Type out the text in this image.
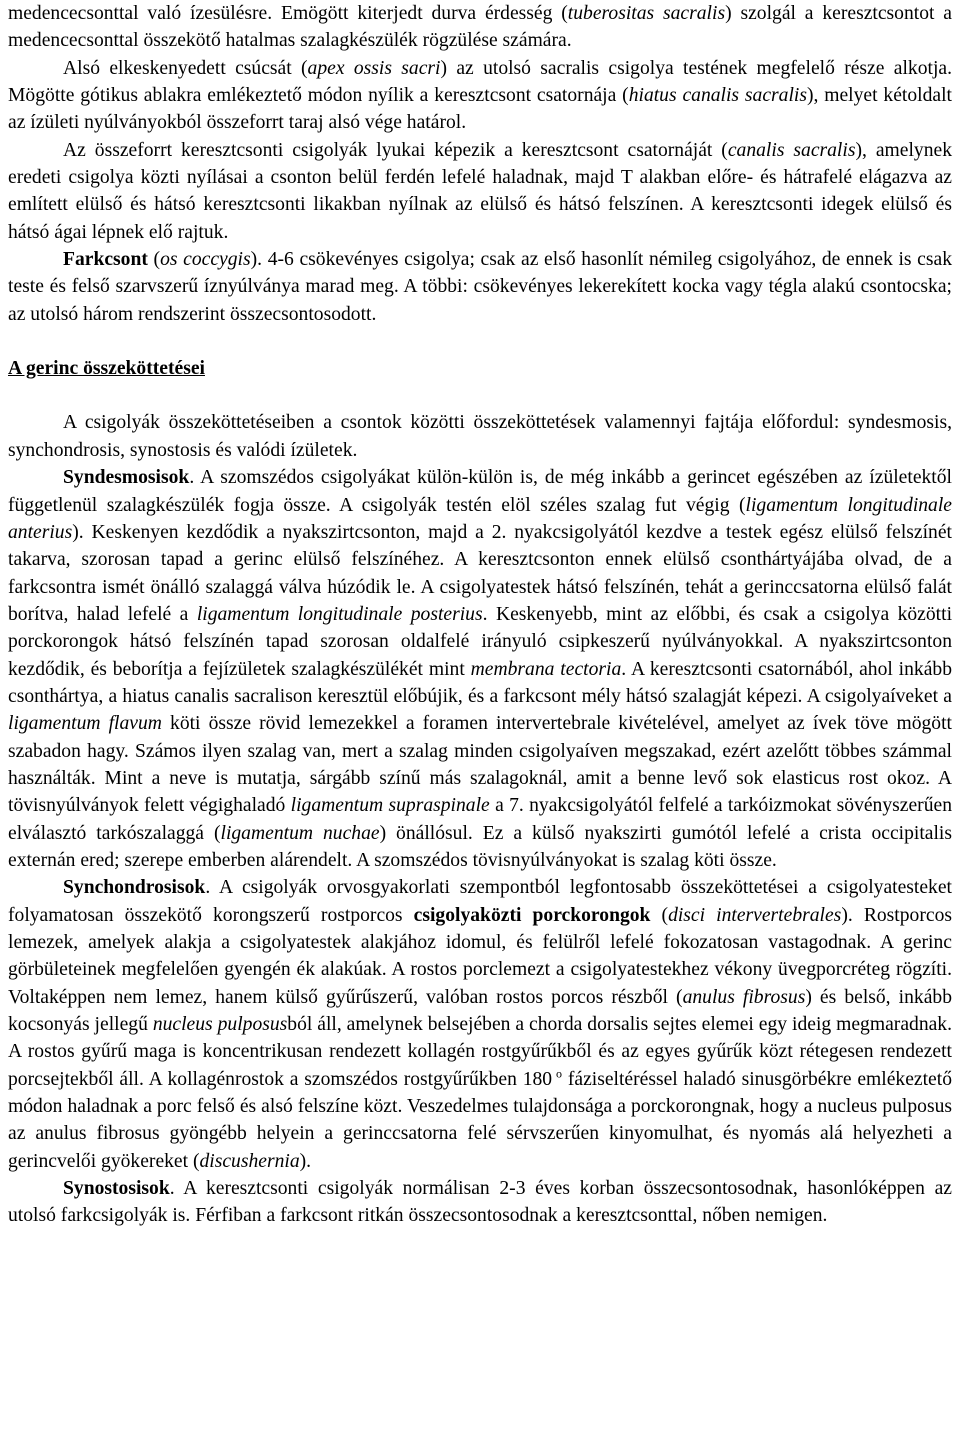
medencecsonttal való ízesülésre. Emögött kiterjedt durva érdesség (tuberositas sacralis) szolgál a keresztcsontot a medencecsonttal összekötő hatalmas szalagkészülék rögzülése számára.

Alsó elkeskenyedett csúcsát (apex ossis sacri) az utolsó sacralis csigolya testének megfelelő része alkotja. Mögötte gótikus ablakra emlékeztető módon nyílik a keresztcsont csatornája (hiatus canalis sacralis), melyet kétoldalt az ízületi nyúlványokból összeforrt taraj alsó vége határol.

Az összeforrt keresztcsonti csigolyák lyukai képezik a keresztcsont csatornáját (canalis sacralis), amelynek eredeti csigolya közti nyílásai a csonton belül ferdén lefelé haladnak, majd T alakban előre- és hátrafelé elágazva az említett elülső és hátsó keresztcsonti likakban nyílnak az elülső és hátsó felszínen. A keresztcsonti idegek elülső és hátsó ágai lépnek elő rajtuk.

Farkcsont (os coccygis). 4-6 csökevényes csigolya; csak az első hasonlít némileg csigolyához, de ennek is csak teste és felső szarvszerű íznyúlványa marad meg. A többi: csökevényes lekerekített kocka vagy tégla alakú csontocska; az utolsó három rendszerint összecsontosodott.

A gerinc összeköttetései

A csigolyák összeköttetéseiben a csontok közötti összeköttetések valamennyi fajtája előfordul: syndesmosis, synchondrosis, synostosis és valódi ízületek.

Syndesmosisok. A szomszédos csigolyákat külön-külön is, de még inkább a gerincet egészében az ízületektől függetlenül szalagkészülék fogja össze. A csigolyák testén elöl széles szalag fut végig (ligamentum longitudinale anterius). Keskenyen kezdődik a nyakszirtcsonton, majd a 2. nyakcsigolyától kezdve a testek egész elülső felszínét takarva, szorosan tapad a gerinc elülső felszínéhez. A keresztcsonton ennek elülső csonthártyájába olvad, de a farkcsontra ismét önálló szalaggá válva húzódik le. A csigolyatestek hátsó felszínén, tehát a gerinccsatorna elülső falát borítva, halad lefelé a ligamentum longitudinale posterius. Keskenyebb, mint az előbbi, és csak a csigolya közötti porckorongok hátsó felszínén tapad szorosan oldalfelé irányuló csipkeszerű nyúlványokkal. A nyakszirtcsonton kezdődik, és beborítja a fejízületek szalagkészülékét mint membrana tectoria. A keresztcsonti csatornából, ahol inkább csonthártya, a hiatus canalis sacralison keresztül előbújik, és a farkcsont mély hátsó szalagját képezi. A csigolyaíveket a ligamentum flavum köti össze rövid lemezekkel a foramen intervertebrale kivételével, amelyet az ívek töve mögött szabadon hagy. Számos ilyen szalag van, mert a szalag minden csigolyaíven megszakad, ezért azelőtt többes számmal használták. Mint a neve is mutatja, sárgább színű más szalagoknál, amit a benne levő sok elasticus rost okoz. A tövisnyúlványok felett végighaladó ligamentum supraspinale a 7. nyakcsigolyától felfelé a tarkóizmokat sövényszerűen elválasztó tarkószalaggá (ligamentum nuchae) önállósul. Ez a külső nyakszirti gumótól lefelé a crista occipitalis externán ered; szerepe emberben alárendelt. A szomszédos tövisnyúlványokat is szalag köti össze.

Synchondrosisok. A csigolyák orvosgyakorlati szempontból legfontosabb összeköttetései a csigolyatesteket folyamatosan összekötő korongszerű rostporcos csigolyaközti porckorongok (disci intervertebrales). Rostporcos lemezek, amelyek alakja a csigolyatestek alakjához idomul, és felülről lefelé fokozatosan vastagodnak. A gerinc görbületeinek megfelelően gyengén ék alakúak. A rostos porclemezt a csigolyatestekhez vékony üvegporcréteg rögzíti. Voltaképpen nem lemez, hanem külső gyűrűszerű, valóban rostos porcos részből (anulus fibrosus) és belső, inkább kocsonyás jellegű nucleus pulposusból áll, amelynek belsejében a chorda dorsalis sejtes elemei egy ideig megmaradnak. A rostos gyűrű maga is koncentrikusan rendezett kollagén rostgyűrűkből és az egyes gyűrűk közt rétegesen rendezett porcsejtekből áll. A kollagénrostok a szomszédos rostgyűrűkben 180 $^o$ fáziseltéréssel haladó sinusgörbékre emlékeztető módon haladnak a porc felső és alsó felszíne közt. Veszedelmes tulajdonsága a porckorongnak, hogy a nucleus pulposus az anulus fibrosus gyöngébb helyein a gerinccsatorna felé sérvszerűen kinyomulhat, és nyomás alá helyezheti a gerincvelői gyökereket (discushernia).

Synostosisok. A keresztcsonti csigolyák normálisan 2-3 éves korban összecsontosodnak, hasonlóképpen az utolsó farkcsigolyák is. Férfiban a farkcsont ritkán összecsontosodnak a keresztcsonttal, nőben nemigen.
